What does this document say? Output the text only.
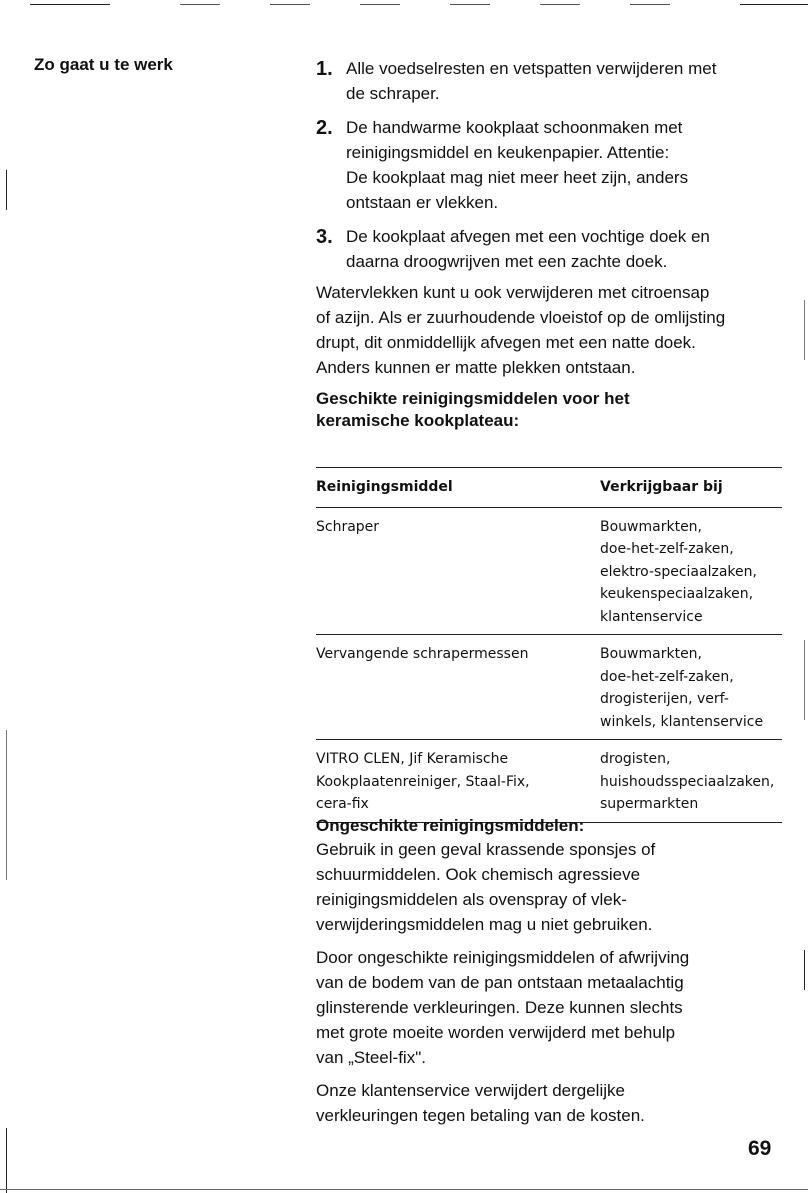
Zo gaat u te werk	1. Alle voedselresten en vetspatten verwijderen met
de schraper.
2. De handwarme kookplaat schoonmaken met
reinigingsmiddel en keukenpapier. Attentie:
De kookplaat mag niet meer heet zijn, anders
ontstaan er vlekken.
3. De kookplaat afvegen met een vochtige doek en
daarna droogwrijven met een zachte doek.
Watervlekken kunt u ook verwijderen met citroensap
of azijn. Als er zuurhoudende vloeistof op de omlijsting
drupt, dit onmiddellijk afvegen met een natte doek.
Anders kunnen er matte plekken ontstaan.
Geschikte reinigingsmiddelen voor het
keramische kookplateau:
Reinigingsmiddel	Verkrijgbaar bij

Schraper	Bouwmarkten,
doe-het-zelf-zaken,
elektro-speciaalzaken,
keukenspeciaalzaken,
klantenservice

Vervangende schrapermessen	Bouwmarkten,
doe-het-zelf-zaken,
drogisterijen, verf-
winkels, klantenservice

VITRO CLEN, Jif Keramische
Kookplaatenreiniger, Staal-Fix,
cera-fix	drogisten,
huishoudsspeciaalzaken,
supermarkten
Ongeschikte reinigingsmiddelen:
Gebruik in geen geval krassende sponsjes of
schuurmiddelen. Ook chemisch agressieve
reinigingsmiddelen als ovenspray of vlek-
verwijderingsmiddelen mag u niet gebruiken.
Door ongeschikte reinigingsmiddelen of afwrijving
van de bodem van de pan ontstaan metaalachtig
glinsterende verkleuringen. Deze kunnen slechts
met grote moeite worden verwijderd met behulp
van „Steel-fix".
Onze klantenservice verwijdert dergelijke
verkleuringen tegen betaling van de kosten.
69
